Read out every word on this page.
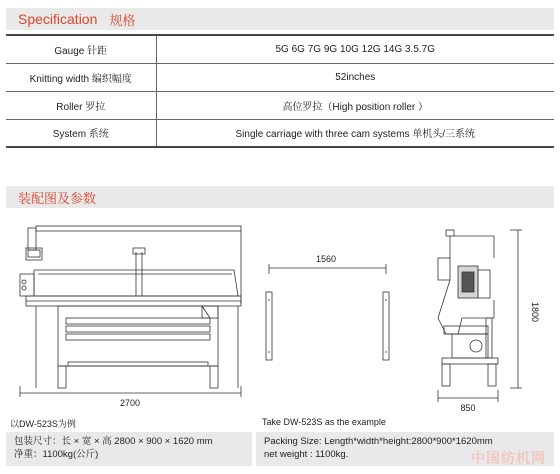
Specification 规格
Gauge 针距	5G 6G 7G 9G 10G 12G 14G 3.5.7G
Knitting width 编织幅度	52inches
Roller 罗拉	高位罗拉（High position roller ）
System 系统	Single carriage with three cam systems 单机头/三系统
装配图及参数
2700
1560
1800
850
以DW-523S为例	Take DW-523S as the example
包装尺寸：长 × 宽 × 高 2800 × 900 × 1620 mm
净重：1100kg(公斤)
Packing Size: Length*width*height:2800*900*1620mm
net weight : 1100kg.	中国纺机网
